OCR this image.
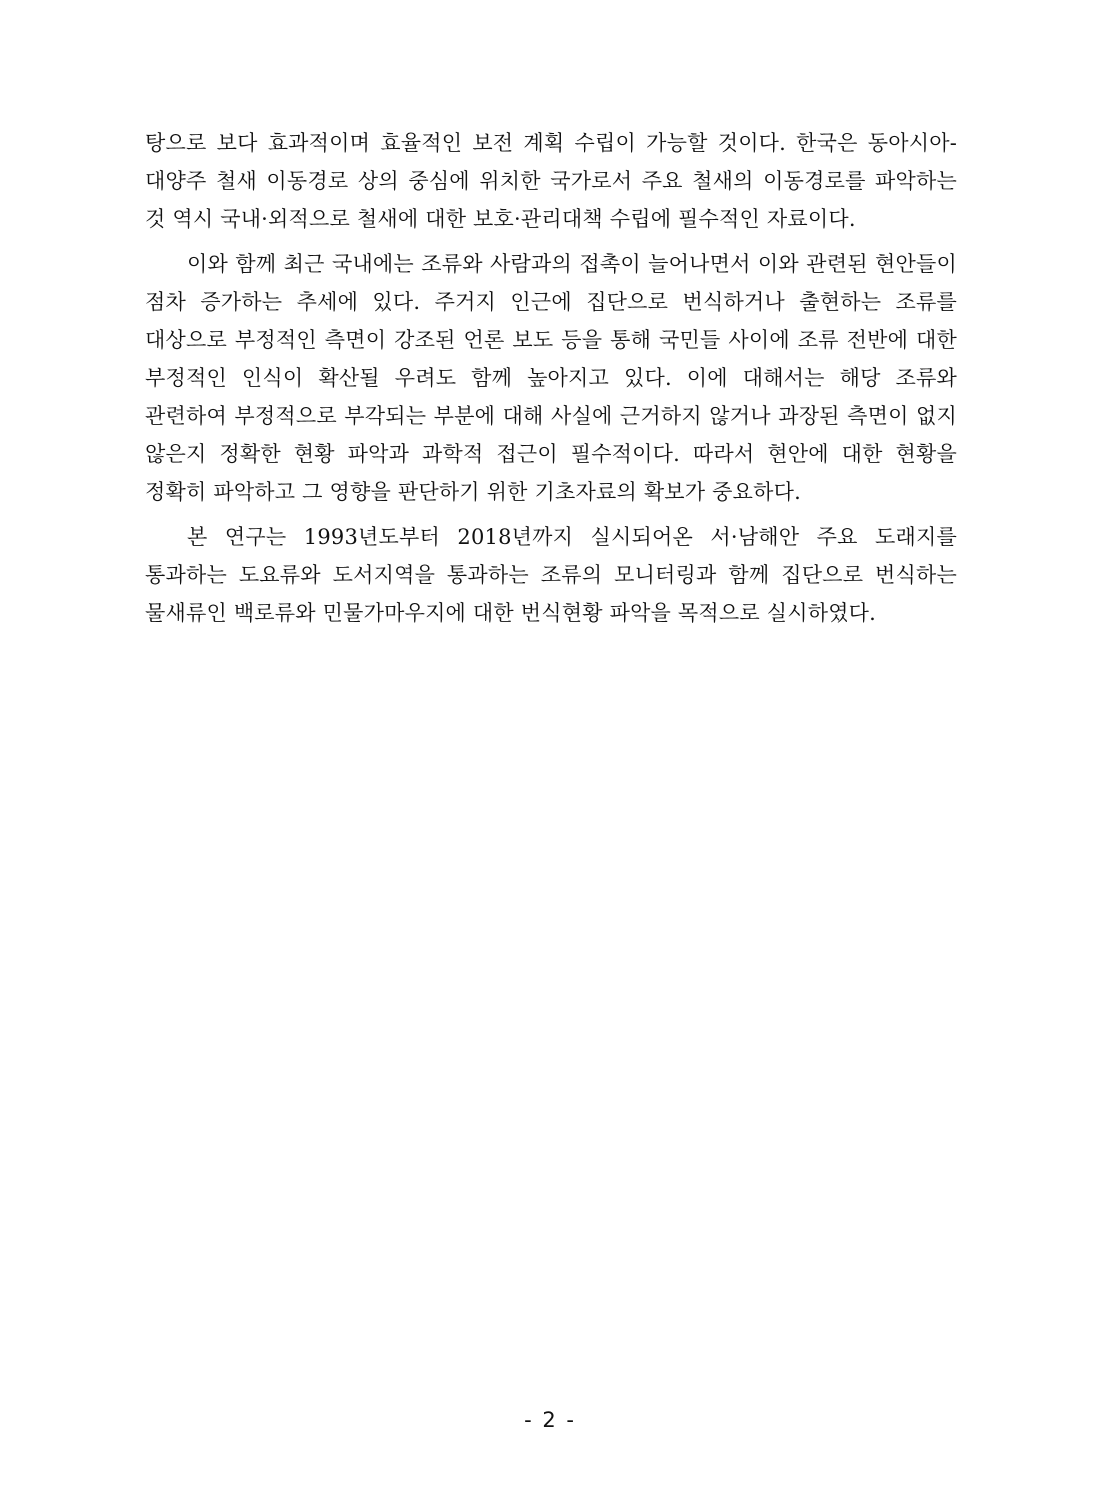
탕으로 보다 효과적이며 효율적인 보전 계획 수립이 가능할 것이다. 한국은 동아시아-대양주 철새 이동경로 상의 중심에 위치한 국가로서 주요 철새의 이동경로를 파악하는 것 역시 국내·외적으로 철새에 대한 보호·관리대책 수립에 필수적인 자료이다.

이와 함께 최근 국내에는 조류와 사람과의 접촉이 늘어나면서 이와 관련된 현안들이 점차 증가하는 추세에 있다. 주거지 인근에 집단으로 번식하거나 출현하는 조류를 대상으로 부정적인 측면이 강조된 언론 보도 등을 통해 국민들 사이에 조류 전반에 대한 부정적인 인식이 확산될 우려도 함께 높아지고 있다. 이에 대해서는 해당 조류와 관련하여 부정적으로 부각되는 부분에 대해 사실에 근거하지 않거나 과장된 측면이 없지 않은지 정확한 현황 파악과 과학적 접근이 필수적이다. 따라서 현안에 대한 현황을 정확히 파악하고 그 영향을 판단하기 위한 기초자료의 확보가 중요하다.

본 연구는 1993년도부터 2018년까지 실시되어온 서·남해안 주요 도래지를 통과하는 도요류와 도서지역을 통과하는 조류의 모니터링과 함께 집단으로 번식하는 물새류인 백로류와 민물가마우지에 대한 번식현황 파악을 목적으로 실시하였다.

- 2 -
